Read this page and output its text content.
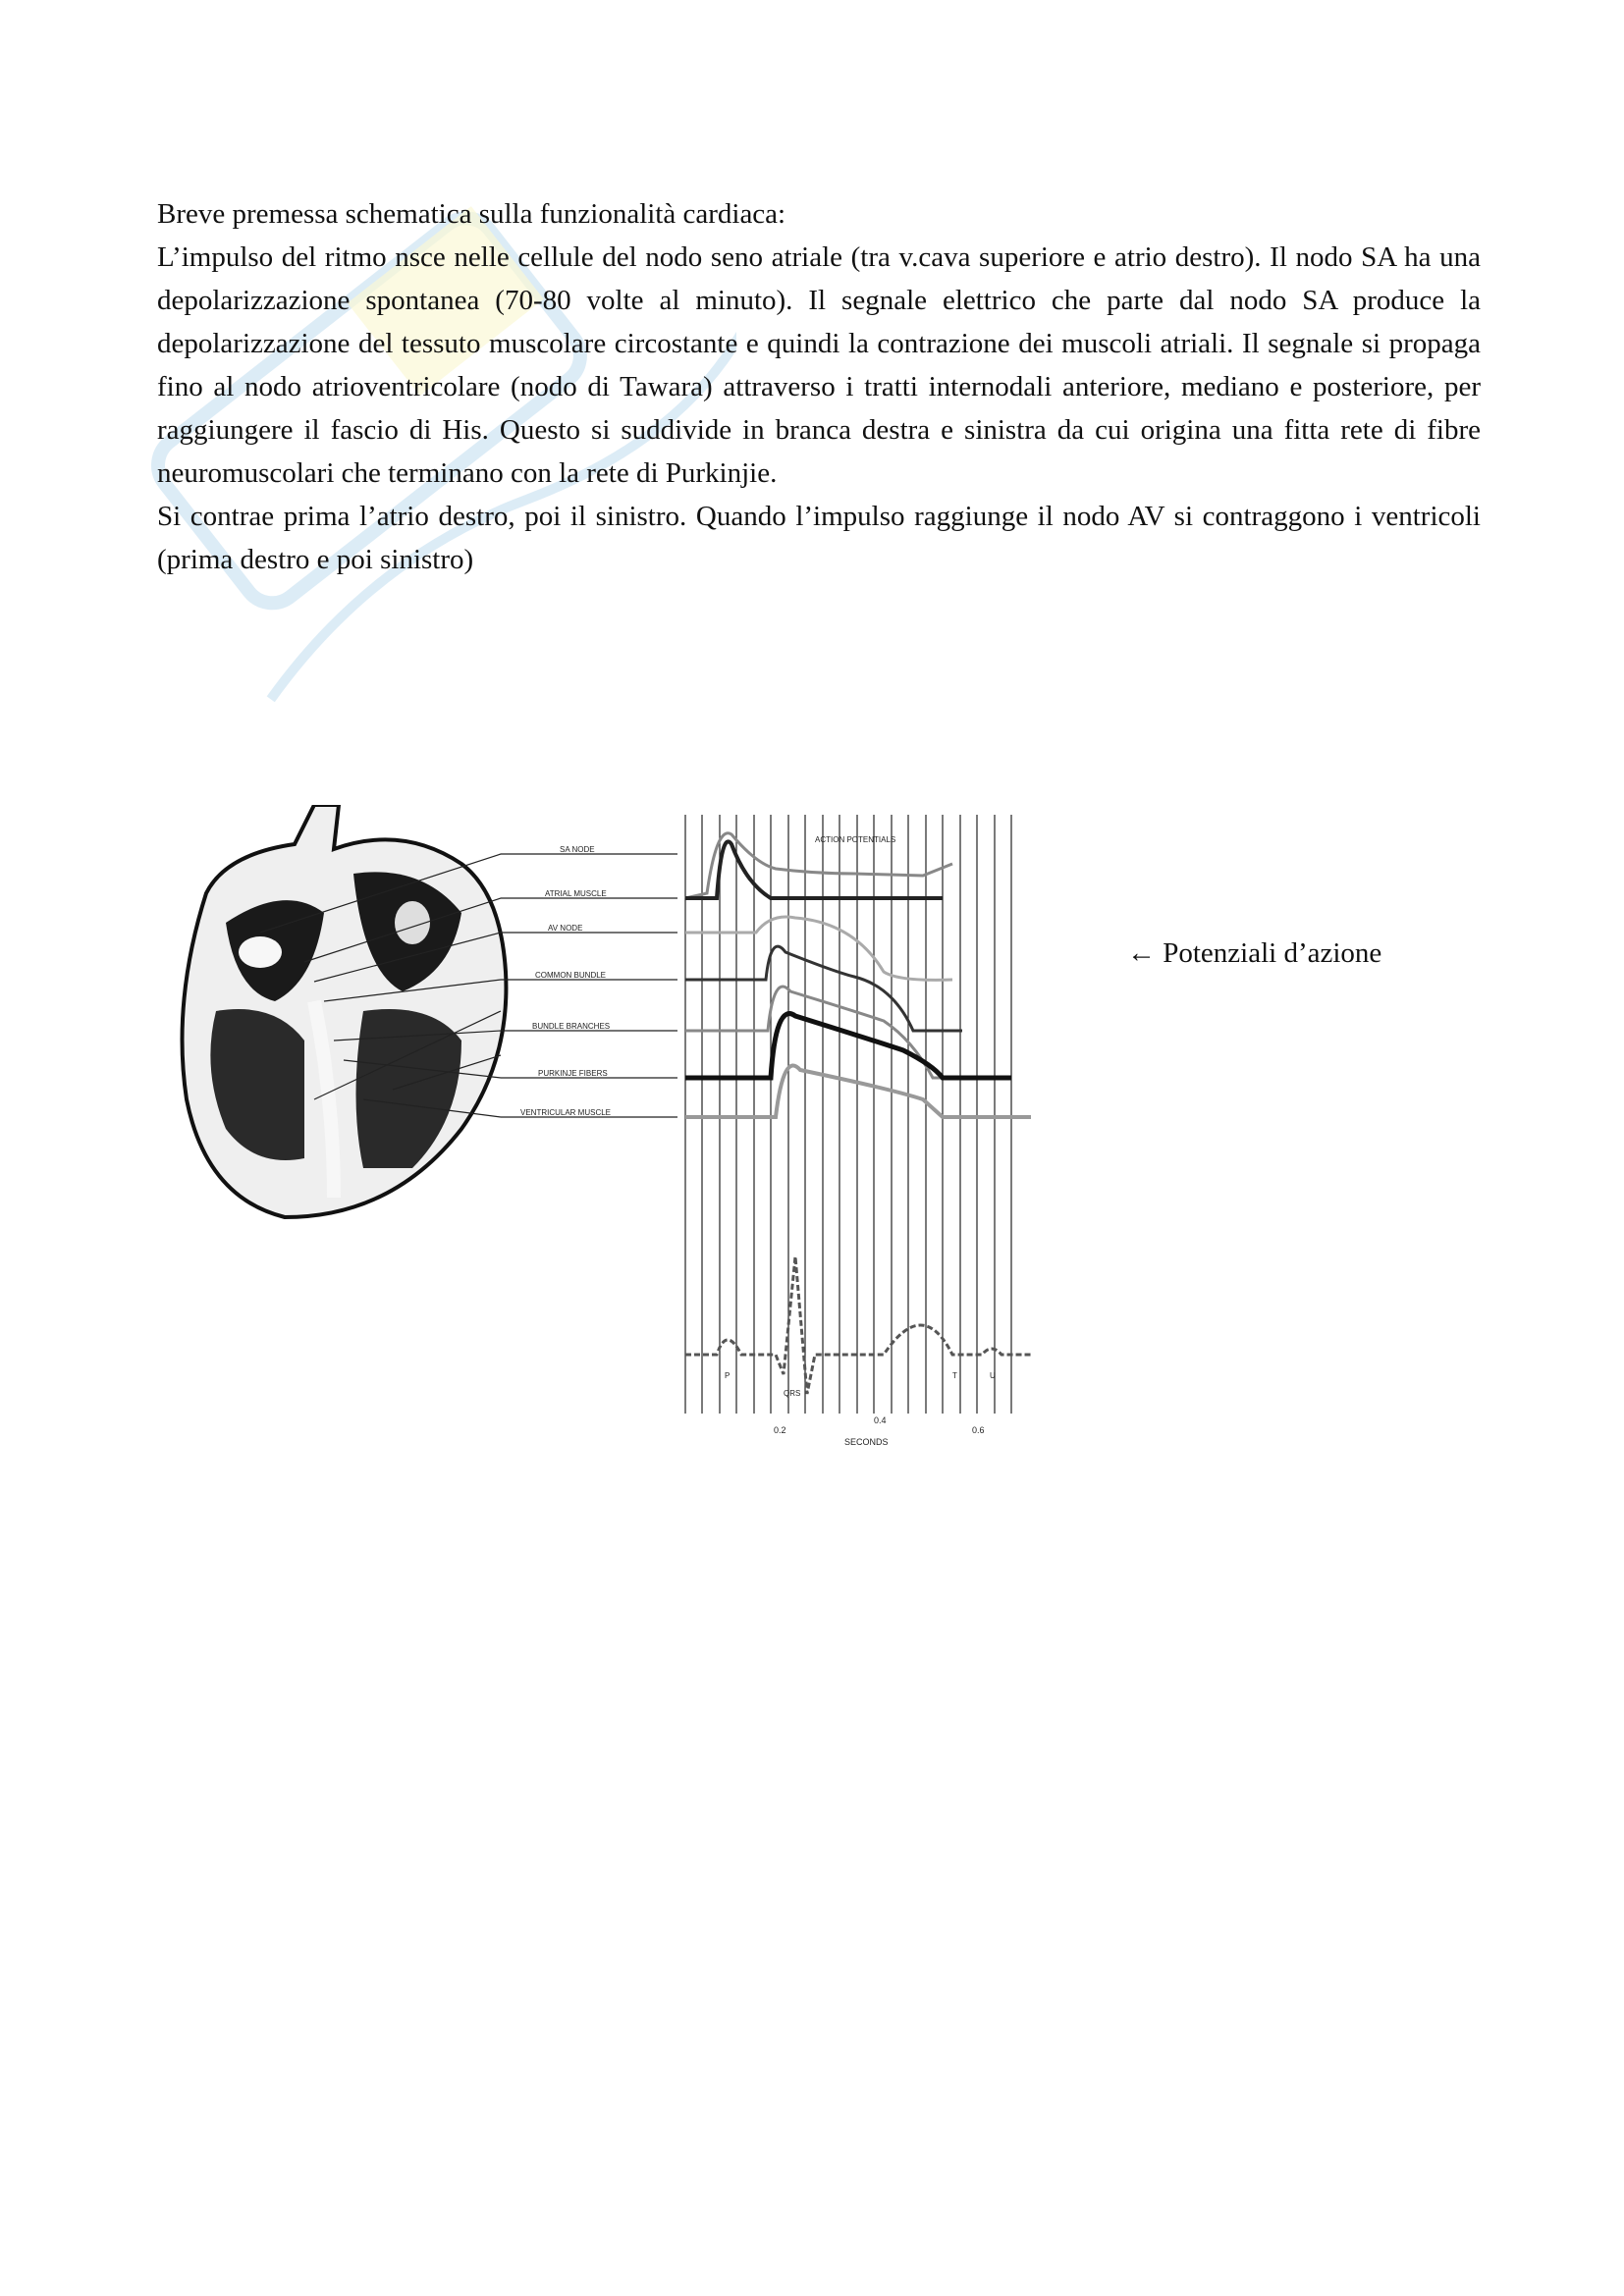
Breve premessa schematica sulla funzionalità cardiaca:

L’impulso del ritmo nsce nelle cellule del nodo seno atriale (tra v.cava superiore e atrio destro). Il nodo SA ha una depolarizzazione spontanea (70-80 volte al minuto). Il segnale elettrico che parte dal nodo SA produce la depolarizzazione del tessuto muscolare circostante e quindi la contrazione dei muscoli atriali. Il segnale si propaga fino al nodo atrioventricolare (nodo di Tawara) attraverso i tratti internodali anteriore, mediano e posteriore, per raggiungere il fascio di His. Questo si suddivide in branca destra e sinistra da cui origina una fitta rete di fibre neuromuscolari che terminano con la rete di Purkinjie.

Si contrae prima l’atrio destro, poi il sinistro. Quando l’impulso raggiunge il nodo AV si contraggono i ventricoli (prima destro e poi sinistro)

SA NODE
ATRIAL MUSCLE
AV NODE
COMMON BUNDLE
BUNDLE BRANCHES
PURKINJE FIBERS
VENTRICULAR MUSCLE
ACTION POTENTIALS
P
QRS
T	U
0.2
0.4
0.6
SECONDS
← Potenziali d’azione
